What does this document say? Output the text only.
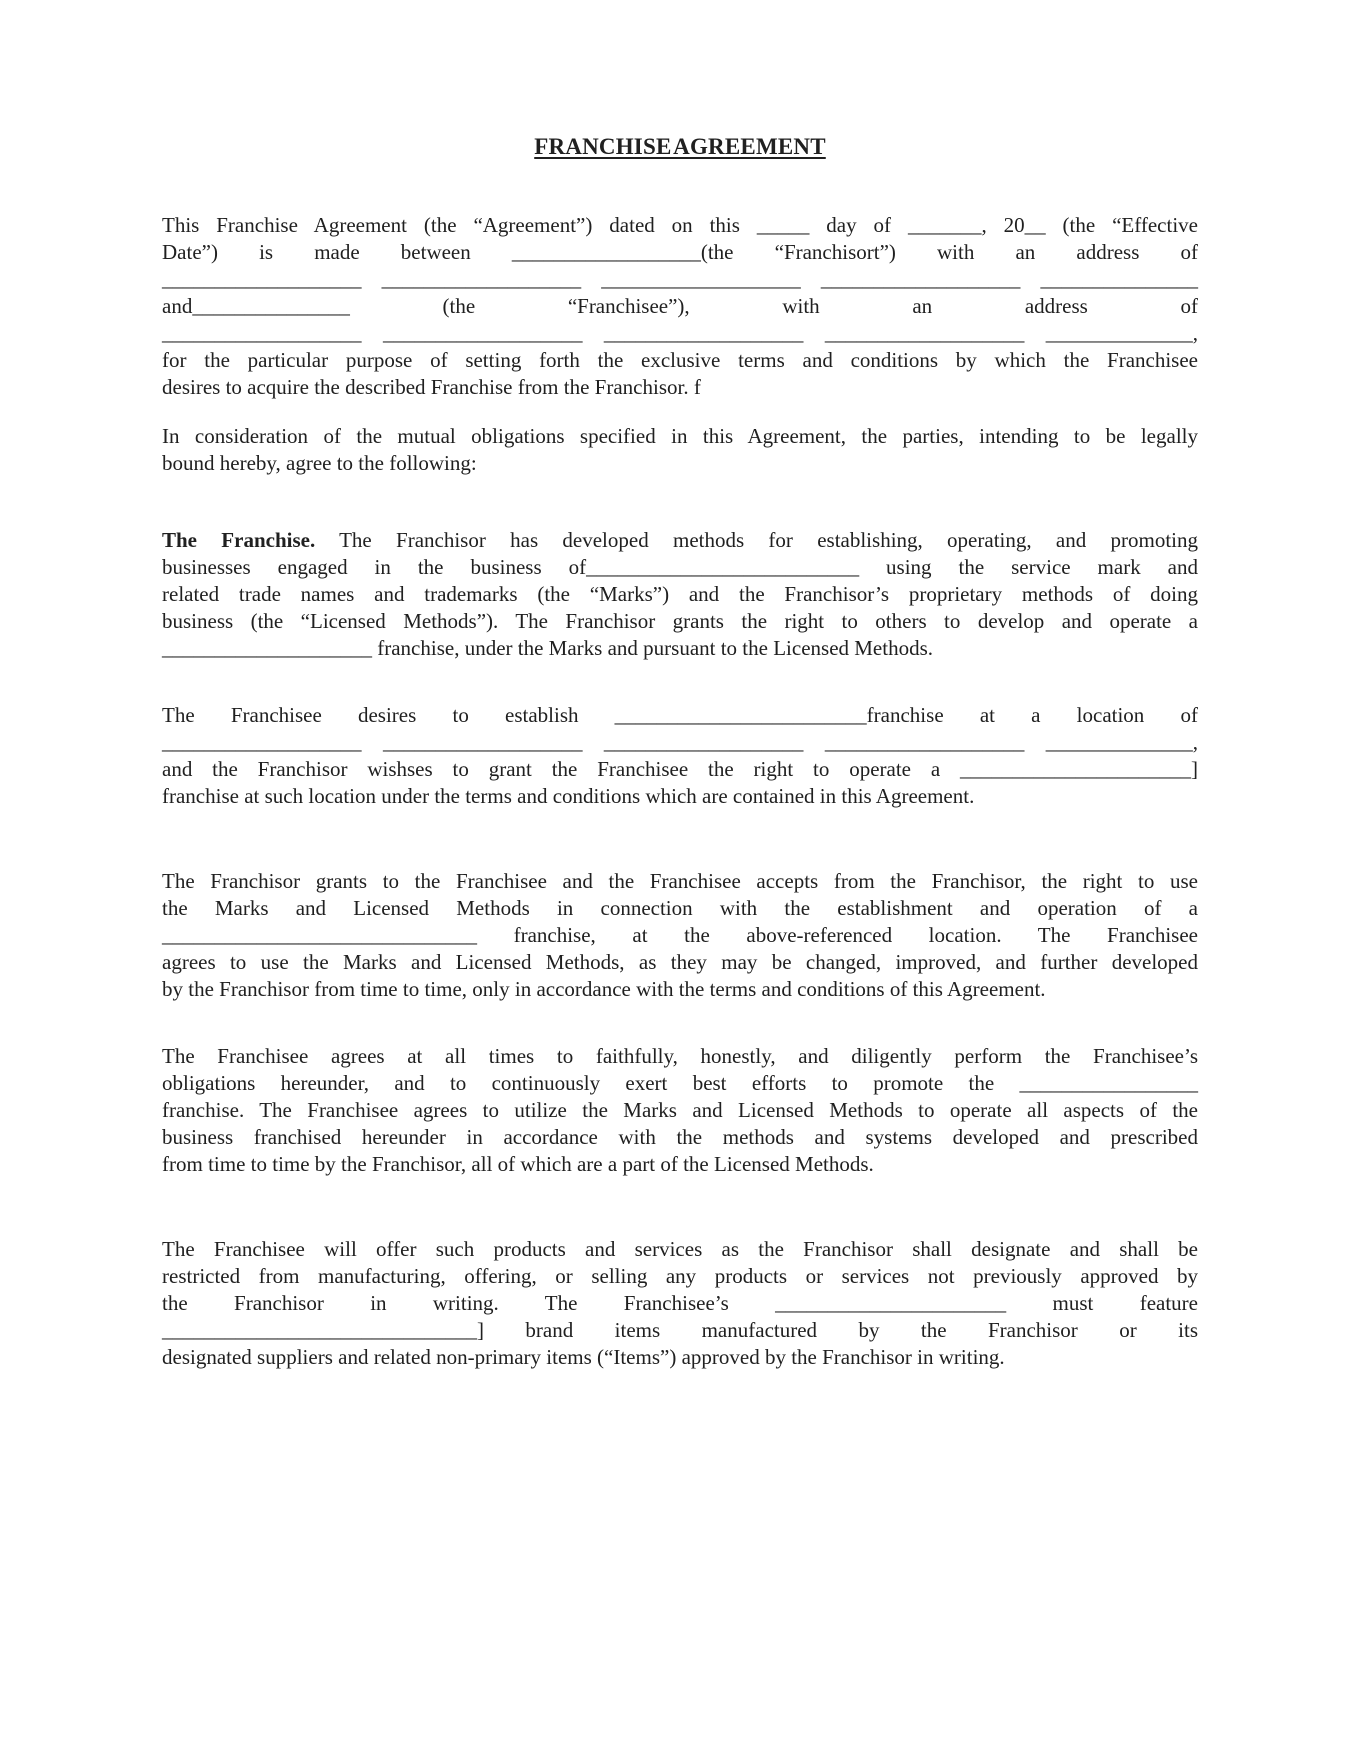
FRANCHISE AGREEMENT
This Franchise Agreement (the “Agreement”) dated on this _____ day of _______, 20__ (the “Effective
Date”) is made between __________________(the “Franchisort”) with an address of
___________________ ___________________ ___________________ ___________________ _______________
and_______________ (the “Franchisee”), with an address of
___________________ ___________________ ___________________ ___________________ ______________,
for the particular purpose of setting forth the exclusive terms and conditions by which the Franchisee
desires to acquire the described Franchise from the Franchisor. f
In consideration of the mutual obligations specified in this Agreement, the parties, intending to be legally
bound hereby, agree to the following:
The Franchise. The Franchisor has developed methods for establishing, operating, and promoting
businesses engaged in the business of__________________________ using the service mark and
related trade names and trademarks (the “Marks”) and the Franchisor’s proprietary methods of doing
business (the “Licensed Methods”). The Franchisor grants the right to others to develop and operate a
____________________ franchise, under the Marks and pursuant to the Licensed Methods.
The Franchisee desires to establish ________________________franchise at a location of
___________________ ___________________ ___________________ ___________________ ______________,
and the Franchisor wishses to grant the Franchisee the right to operate a ______________________]
franchise at such location under the terms and conditions which are contained in this Agreement.
The Franchisor grants to the Franchisee and the Franchisee accepts from the Franchisor, the right to use
the Marks and Licensed Methods in connection with the establishment and operation of a
______________________________ franchise, at the above-referenced location. The Franchisee
agrees to use the Marks and Licensed Methods, as they may be changed, improved, and further developed
by the Franchisor from time to time, only in accordance with the terms and conditions of this Agreement.
The Franchisee agrees at all times to faithfully, honestly, and diligently perform the Franchisee’s
obligations hereunder, and to continuously exert best efforts to promote the _________________
franchise. The Franchisee agrees to utilize the Marks and Licensed Methods to operate all aspects of the
business franchised hereunder in accordance with the methods and systems developed and prescribed
from time to time by the Franchisor, all of which are a part of the Licensed Methods.
The Franchisee will offer such products and services as the Franchisor shall designate and shall be
restricted from manufacturing, offering, or selling any products or services not previously approved by
the Franchisor in writing. The Franchisee’s ______________________ must feature
______________________________] brand items manufactured by the Franchisor or its
designated suppliers and related non-primary items (“Items”) approved by the Franchisor in writing.
